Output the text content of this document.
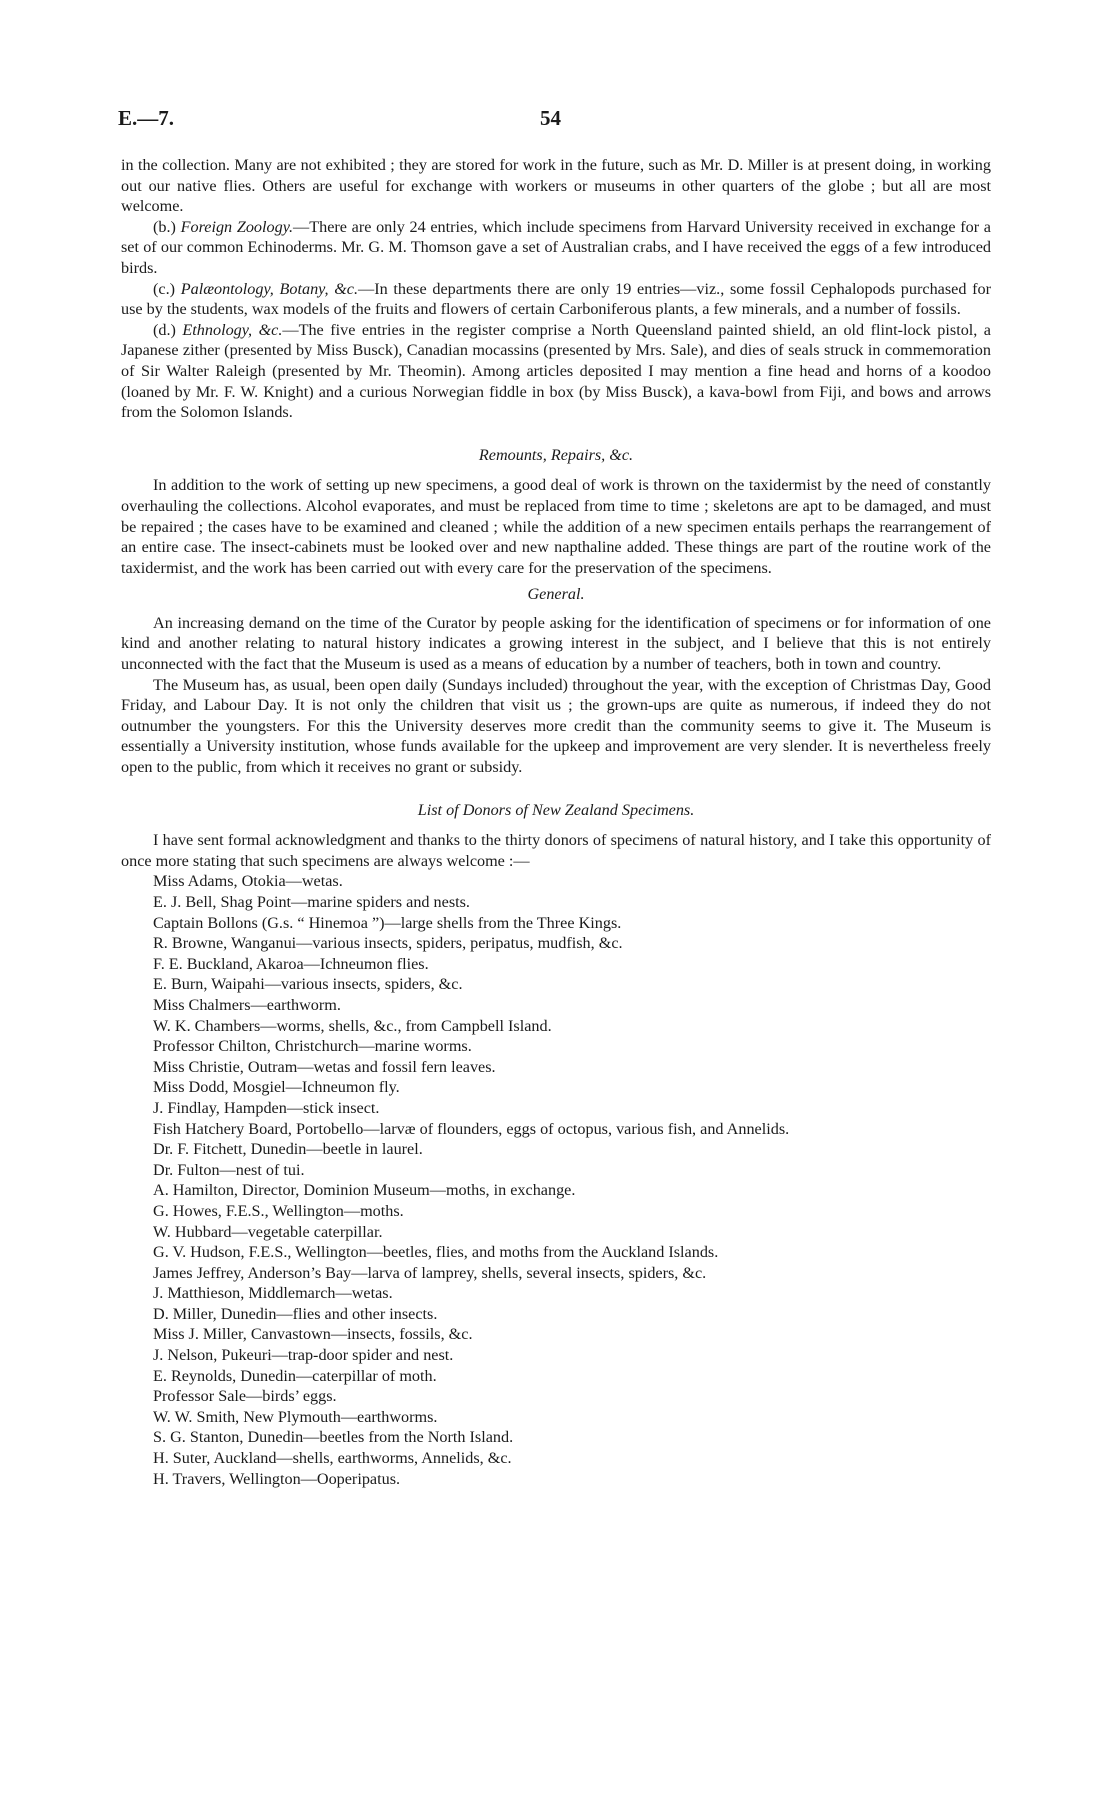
E.—7.	54

in the collection. Many are not exhibited ; they are stored for work in the future, such as Mr. D. Miller is at present doing, in working out our native flies. Others are useful for exchange with workers or museums in other quarters of the globe ; but all are most welcome.

(b.) Foreign Zoology.—There are only 24 entries, which include specimens from Harvard University received in exchange for a set of our common Echinoderms. Mr. G. M. Thomson gave a set of Australian crabs, and I have received the eggs of a few introduced birds.

(c.) Palæontology, Botany, &c.—In these departments there are only 19 entries—viz., some fossil Cephalopods purchased for use by the students, wax models of the fruits and flowers of certain Carboniferous plants, a few minerals, and a number of fossils.

(d.) Ethnology, &c.—The five entries in the register comprise a North Queensland painted shield, an old flint-lock pistol, a Japanese zither (presented by Miss Busck), Canadian mocassins (presented by Mrs. Sale), and dies of seals struck in commemoration of Sir Walter Raleigh (presented by Mr. Theomin). Among articles deposited I may mention a fine head and horns of a koodoo (loaned by Mr. F. W. Knight) and a curious Norwegian fiddle in box (by Miss Busck), a kava-bowl from Fiji, and bows and arrows from the Solomon Islands.

Remounts, Repairs, &c.

In addition to the work of setting up new specimens, a good deal of work is thrown on the taxidermist by the need of constantly overhauling the collections. Alcohol evaporates, and must be replaced from time to time ; skeletons are apt to be damaged, and must be repaired ; the cases have to be examined and cleaned ; while the addition of a new specimen entails perhaps the rearrangement of an entire case. The insect-cabinets must be looked over and new napthaline added. These things are part of the routine work of the taxidermist, and the work has been carried out with every care for the preservation of the specimens.

General.

An increasing demand on the time of the Curator by people asking for the identification of specimens or for information of one kind and another relating to natural history indicates a growing interest in the subject, and I believe that this is not entirely unconnected with the fact that the Museum is used as a means of education by a number of teachers, both in town and country.

The Museum has, as usual, been open daily (Sundays included) throughout the year, with the exception of Christmas Day, Good Friday, and Labour Day. It is not only the children that visit us ; the grown-ups are quite as numerous, if indeed they do not outnumber the youngsters. For this the University deserves more credit than the community seems to give it. The Museum is essentially a University institution, whose funds available for the upkeep and improvement are very slender. It is nevertheless freely open to the public, from which it receives no grant or subsidy.

List of Donors of New Zealand Specimens.

I have sent formal acknowledgment and thanks to the thirty donors of specimens of natural history, and I take this opportunity of once more stating that such specimens are always welcome :—

Miss Adams, Otokia—wetas.
E. J. Bell, Shag Point—marine spiders and nests.
Captain Bollons (G.s. “ Hinemoa ”)—large shells from the Three Kings.
R. Browne, Wanganui—various insects, spiders, peripatus, mudfish, &c.
F. E. Buckland, Akaroa—Ichneumon flies.
E. Burn, Waipahi—various insects, spiders, &c.
Miss Chalmers—earthworm.
W. K. Chambers—worms, shells, &c., from Campbell Island.
Professor Chilton, Christchurch—marine worms.
Miss Christie, Outram—wetas and fossil fern leaves.
Miss Dodd, Mosgiel—Ichneumon fly.
J. Findlay, Hampden—stick insect.
Fish Hatchery Board, Portobello—larvæ of flounders, eggs of octopus, various fish, and Annelids.
Dr. F. Fitchett, Dunedin—beetle in laurel.
Dr. Fulton—nest of tui.
A. Hamilton, Director, Dominion Museum—moths, in exchange.
G. Howes, F.E.S., Wellington—moths.
W. Hubbard—vegetable caterpillar.
G. V. Hudson, F.E.S., Wellington—beetles, flies, and moths from the Auckland Islands.
James Jeffrey, Anderson’s Bay—larva of lamprey, shells, several insects, spiders, &c.
J. Matthieson, Middlemarch—wetas.
D. Miller, Dunedin—flies and other insects.
Miss J. Miller, Canvastown—insects, fossils, &c.
J. Nelson, Pukeuri—trap-door spider and nest.
E. Reynolds, Dunedin—caterpillar of moth.
Professor Sale—birds’ eggs.
W. W. Smith, New Plymouth—earthworms.
S. G. Stanton, Dunedin—beetles from the North Island.
H. Suter, Auckland—shells, earthworms, Annelids, &c.
H. Travers, Wellington—Ooperipatus.
